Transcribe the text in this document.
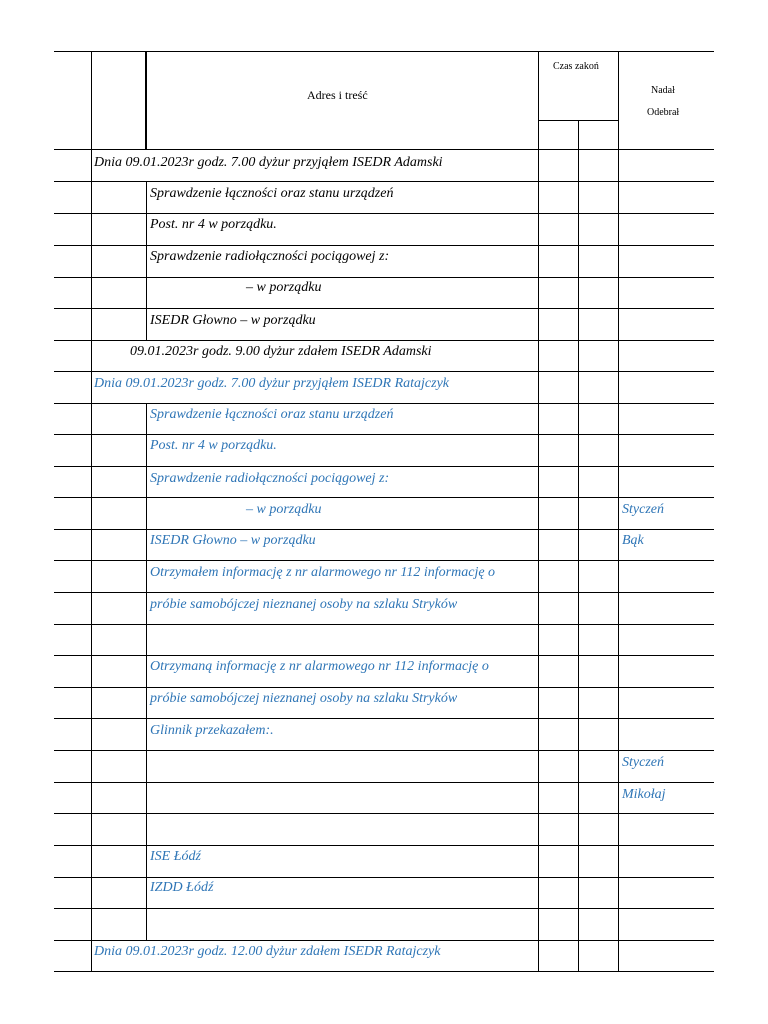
Adres i treść
Czas zakoń
Nadał
Odebrał
Dnia 09.01.2023r godz. 7.00 dyżur przyjąłem ISEDR Adamski
Sprawdzenie łączności oraz stanu urządzeń
Post. nr 4 w porządku.
Sprawdzenie radiołączności pociągowej z:
– w porządku
ISEDR Głowno – w porządku
09.01.2023r godz. 9.00 dyżur zdałem ISEDR Adamski
Dnia 09.01.2023r godz. 7.00 dyżur przyjąłem ISEDR Ratajczyk
Sprawdzenie łączności oraz stanu urządzeń
Post. nr 4 w porządku.
Sprawdzenie radiołączności pociągowej z:
– w porządku	Styczeń
ISEDR Głowno – w porządku	Bąk
Otrzymałem informację z nr alarmowego nr 112 informację o
próbie samobójczej nieznanej osoby na szlaku Stryków
Otrzymaną informację z nr alarmowego nr 112 informację o
próbie samobójczej nieznanej osoby na szlaku Stryków
Glinnik przekazałem:.
Styczeń
Mikołaj
ISE Łódź
IZDD Łódź
Dnia 09.01.2023r godz. 12.00 dyżur zdałem ISEDR Ratajczyk
